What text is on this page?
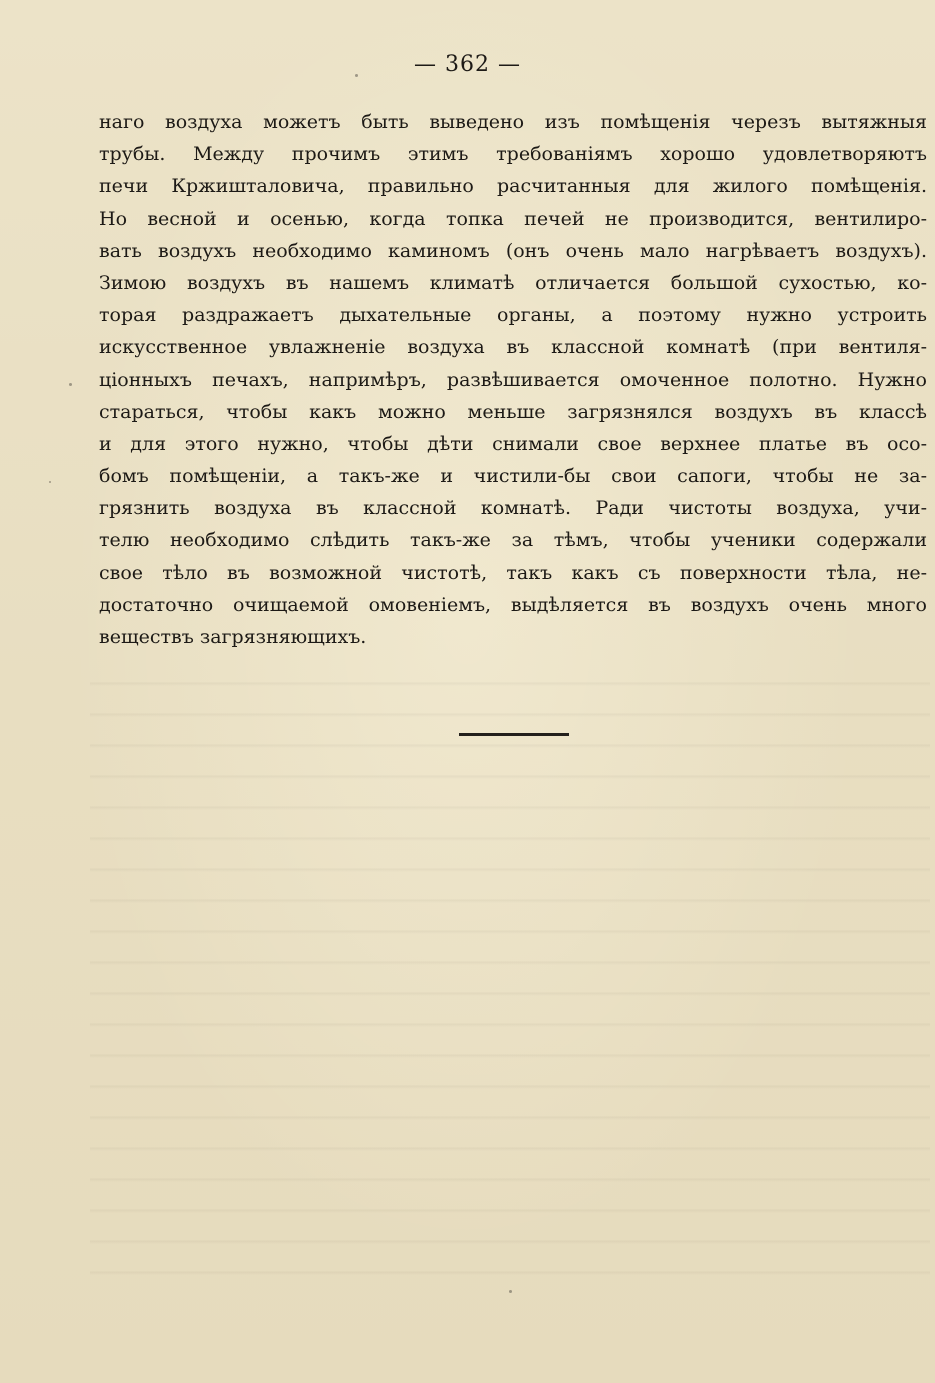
— 362 —
наго воздуха можетъ быть выведено изъ помѣщенія черезъ вытяжныя
трубы. Между прочимъ этимъ требованіямъ хорошо удовлетворяютъ
печи Кржишталовича, правильно расчитанныя для жилого помѣщенія.
Но весной и осенью, когда топка печей не производится, вентилиро-
вать воздухъ необходимо каминомъ (онъ очень мало нагрѣваетъ воздухъ).
Зимою воздухъ въ нашемъ климатѣ отличается большой сухостью, ко-
торая раздражаетъ дыхательные органы, а поэтому нужно устроить
искусственное увлажненіе воздуха въ классной комнатѣ (при вентиля-
ціонныхъ печахъ, напримѣръ, развѣшивается омоченное полотно. Нужно
стараться, чтобы какъ можно меньше загрязнялся воздухъ въ классѣ
и для этого нужно, чтобы дѣти снимали свое верхнее платье въ осо-
бомъ помѣщеніи, а такъ-же и чистили-бы свои сапоги, чтобы не за-
грязнить воздуха въ классной комнатѣ. Ради чистоты воздуха, учи-
телю необходимо слѣдить такъ-же за тѣмъ, чтобы ученики содержали
свое тѣло въ возможной чистотѣ, такъ какъ съ поверхности тѣла, не-
достаточно очищаемой омовеніемъ, выдѣляется въ воздухъ очень много
веществъ загрязняющихъ.
